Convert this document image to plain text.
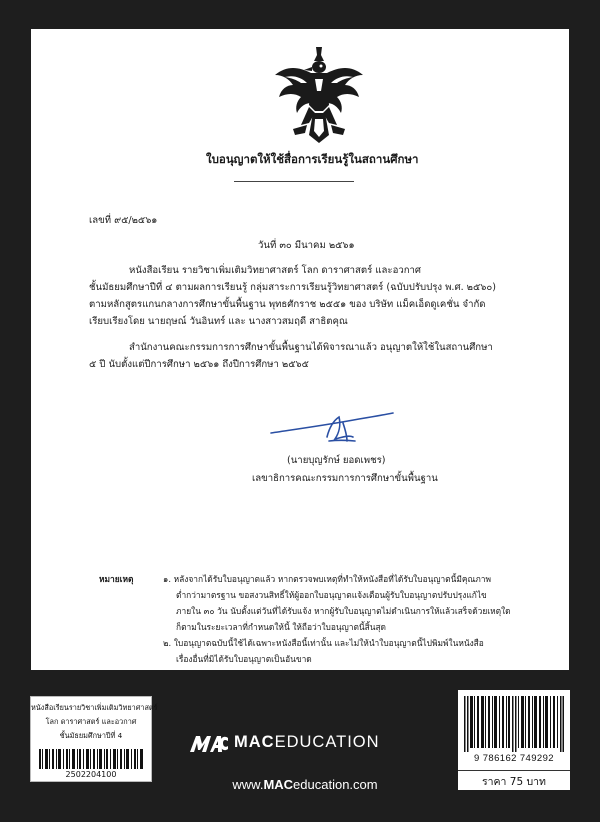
ใบอนุญาตให้ใช้สื่อการเรียนรู้ในสถานศึกษา
เลขที่ ๙๕/๒๕๖๑
วันที่ ๓๐ มีนาคม ๒๕๖๑
หนังสือเรียน รายวิชาเพิ่มเติมวิทยาศาสตร์ โลก ดาราศาสตร์ และอวกาศ
ชั้นมัธยมศึกษาปีที่ ๔ ตามผลการเรียนรู้ กลุ่มสาระการเรียนรู้วิทยาศาสตร์ (ฉบับปรับปรุง พ.ศ. ๒๕๖๐)
ตามหลักสูตรแกนกลางการศึกษาขั้นพื้นฐาน พุทธศักราช ๒๕๕๑ ของ บริษัท แม็คเอ็ดดูเคชั่น จำกัด
เรียบเรียงโดย นายฤษณ์ วันอินทร์ และ นางสาวสมฤดี สาธิตคุณ
สำนักงานคณะกรรมการการศึกษาขั้นพื้นฐานได้พิจารณาแล้ว อนุญาตให้ใช้ในสถานศึกษา
๕ ปี นับตั้งแต่ปีการศึกษา ๒๕๖๑ ถึงปีการศึกษา ๒๕๖๕
(นายบุญรักษ์ ยอดเพชร)
เลขาธิการคณะกรรมการการศึกษาขั้นพื้นฐาน
หมายเหตุ	๑. หลังจากได้รับใบอนุญาตแล้ว หากตรวจพบเหตุที่ทำให้หนังสือที่ได้รับใบอนุญาตนี้มีคุณภาพ
ต่ำกว่ามาตรฐาน ขอสงวนสิทธิ์ให้ผู้ออกใบอนุญาตแจ้งเตือนผู้รับใบอนุญาตปรับปรุงแก้ไข
ภายใน ๓๐ วัน นับตั้งแต่วันที่ได้รับแจ้ง หากผู้รับใบอนุญาตไม่ดำเนินการให้แล้วเสร็จด้วยเหตุใด
ก็ตามในระยะเวลาที่กำหนดให้นี้ ให้ถือว่าใบอนุญาตนี้สิ้นสุด
๒. ใบอนุญาตฉบับนี้ใช้ได้เฉพาะหนังสือนี้เท่านั้น และไม่ให้นำใบอนุญาตนี้ไปพิมพ์ในหนังสือ
เรื่องอื่นที่มิได้รับใบอนุญาตเป็นอันขาด
หนังสือเรียนรายวิชาเพิ่มเติมวิทยาศาสตร์
โลก ดาราศาสตร์ และอวกาศ
ชั้นมัธยมศึกษาปีที่ 4
2502204100
MACEDUCATION
www.MACeducation.com
9 786162 749292
ราคา 75 บาท
